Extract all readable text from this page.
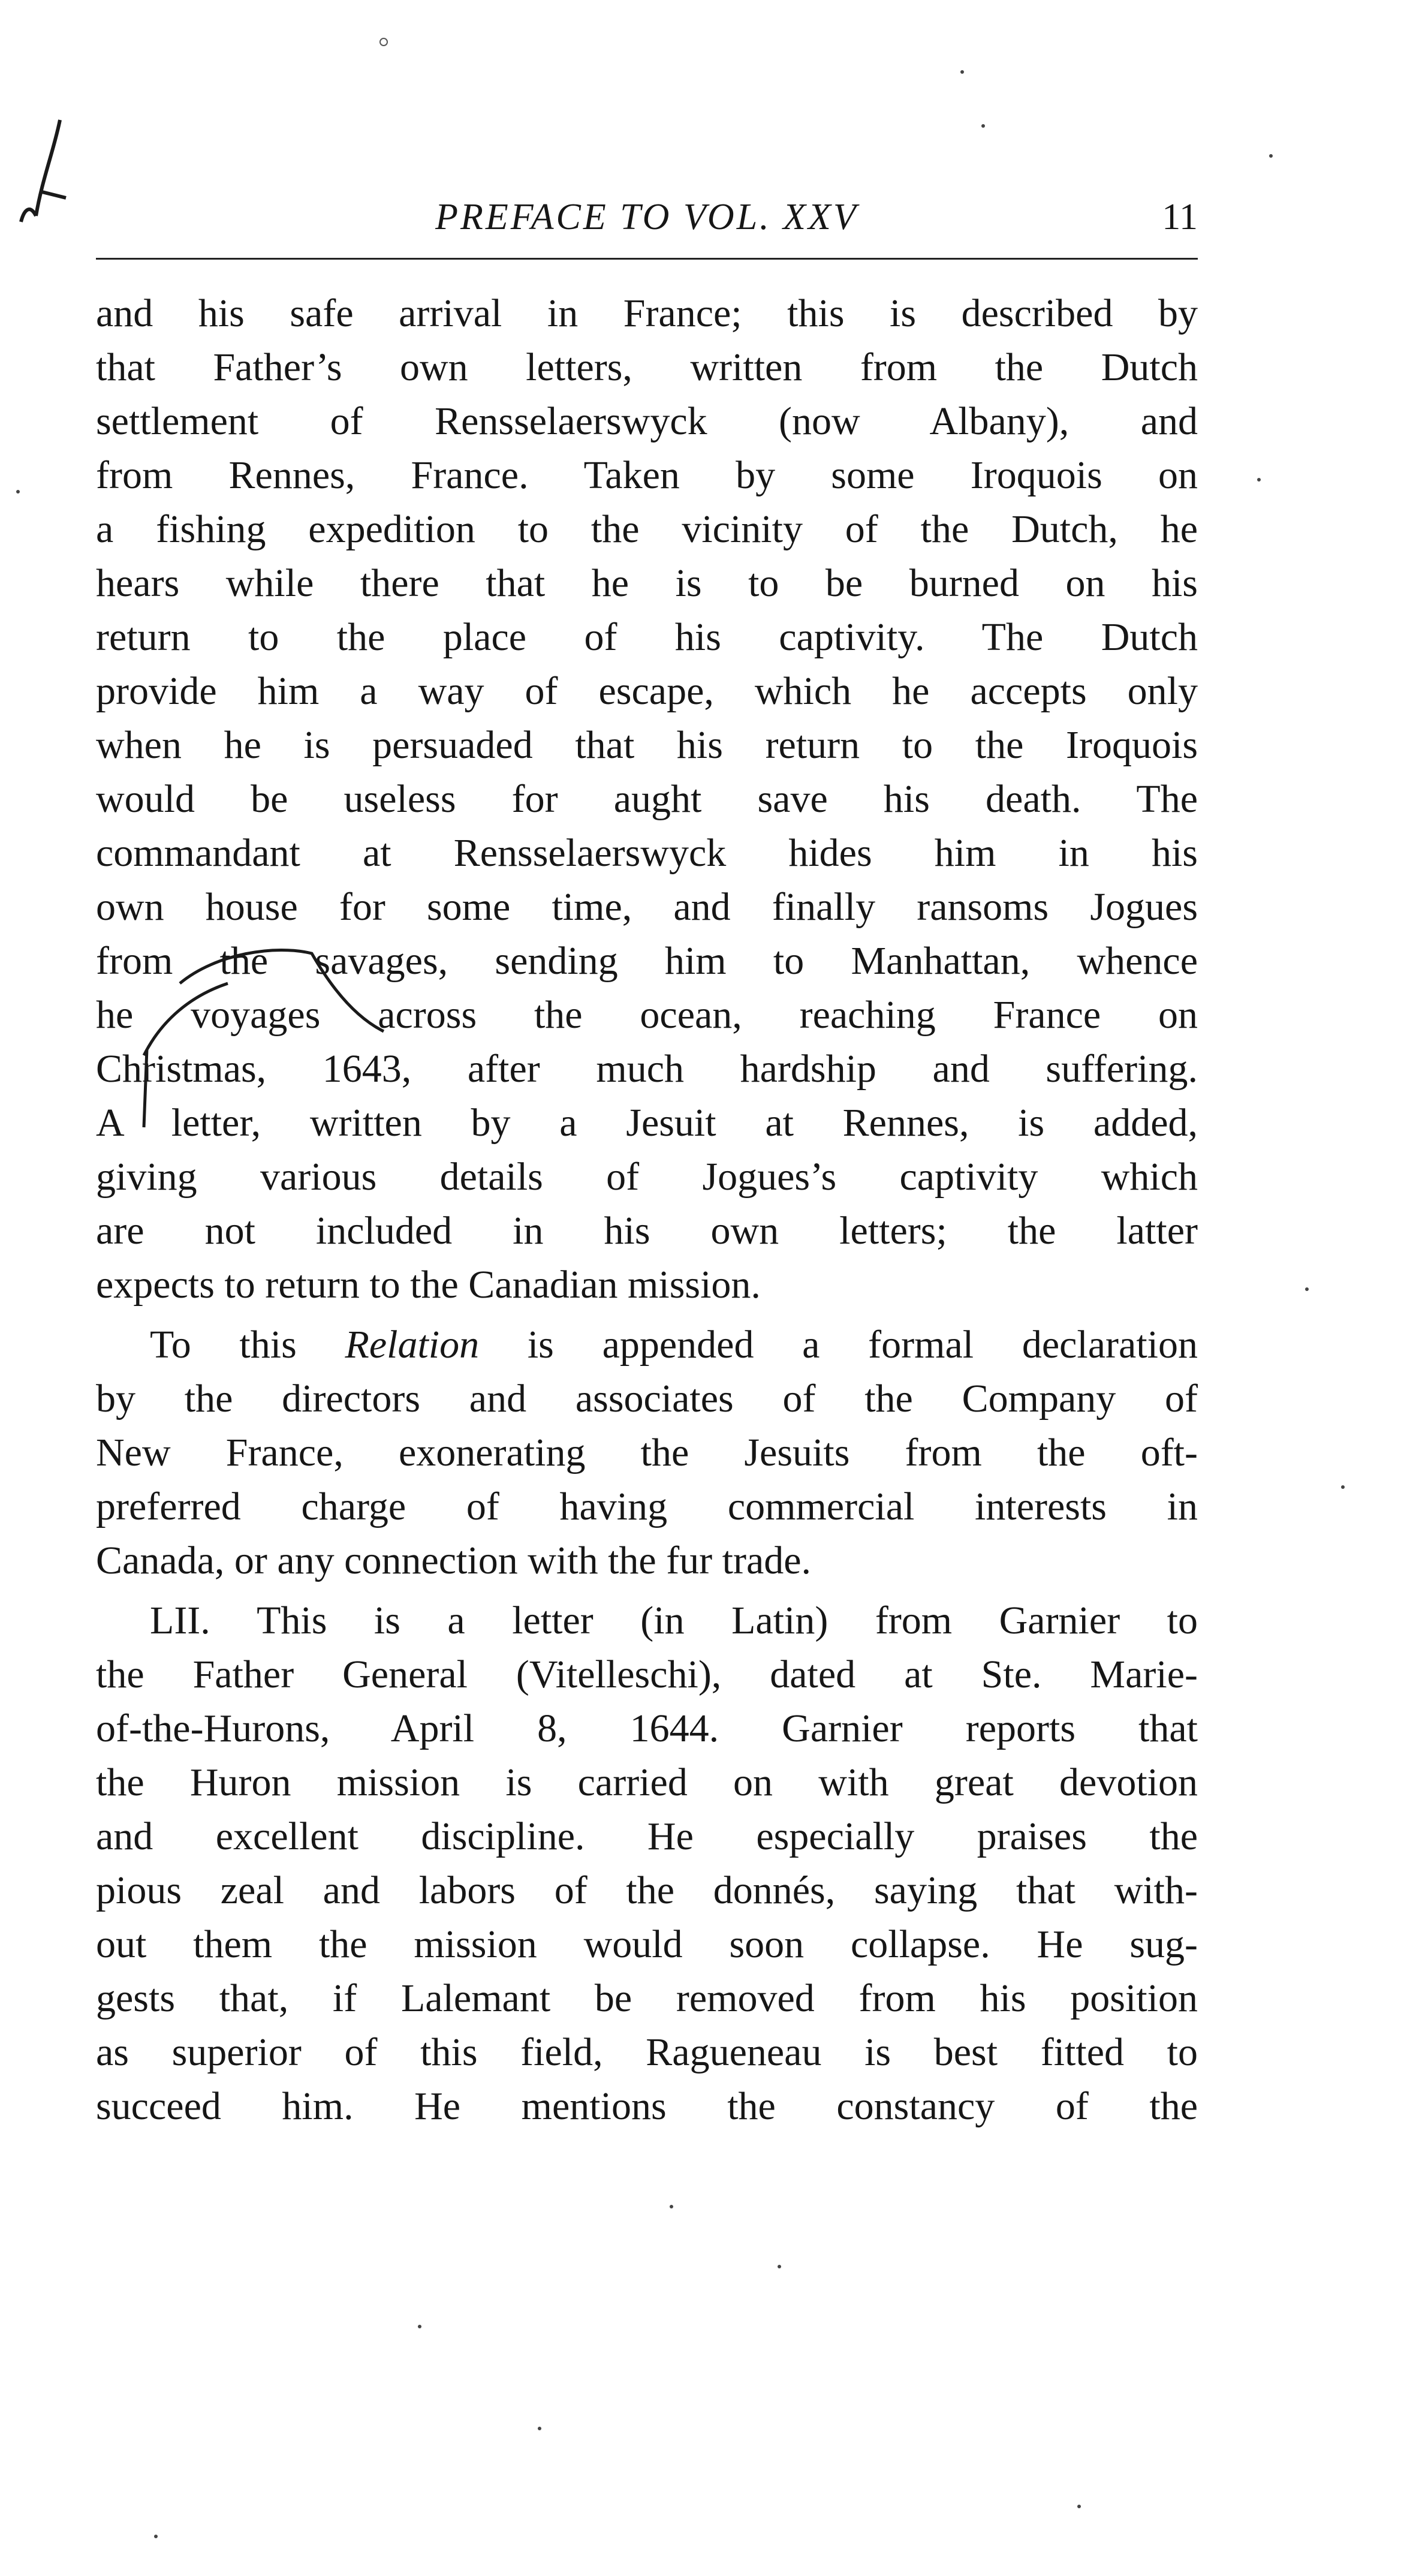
PREFACE TO VOL. XXV	11
and his safe arrival in France; this is described by
that Father’s own letters, written from the Dutch
settlement of Rensselaerswyck (now Albany), and
from Rennes, France. Taken by some Iroquois on
a fishing expedition to the vicinity of the Dutch, he
hears while there that he is to be burned on his
return to the place of his captivity. The Dutch
provide him a way of escape, which he accepts only
when he is persuaded that his return to the Iroquois
would be useless for aught save his death. The
commandant at Rensselaerswyck hides him in his
own house for some time, and finally ransoms Jogues
from the savages, sending him to Manhattan, whence
he voyages across the ocean, reaching France on
Christmas, 1643, after much hardship and suffering.
A letter, written by a Jesuit at Rennes, is added,
giving various details of Jogues’s captivity which
are not included in his own letters; the latter
expects to return to the Canadian mission.
To this Relation is appended a formal declaration
by the directors and associates of the Company of
New France, exonerating the Jesuits from the oft-
preferred charge of having commercial interests in
Canada, or any connection with the fur trade.
LII. This is a letter (in Latin) from Garnier to
the Father General (Vitelleschi), dated at Ste. Marie-
of-the-Hurons, April 8, 1644. Garnier reports that
the Huron mission is carried on with great devotion
and excellent discipline. He especially praises the
pious zeal and labors of the donnés, saying that with-
out them the mission would soon collapse. He sug-
gests that, if Lalemant be removed from his position
as superior of this field, Ragueneau is best fitted to
succeed him. He mentions the constancy of the
